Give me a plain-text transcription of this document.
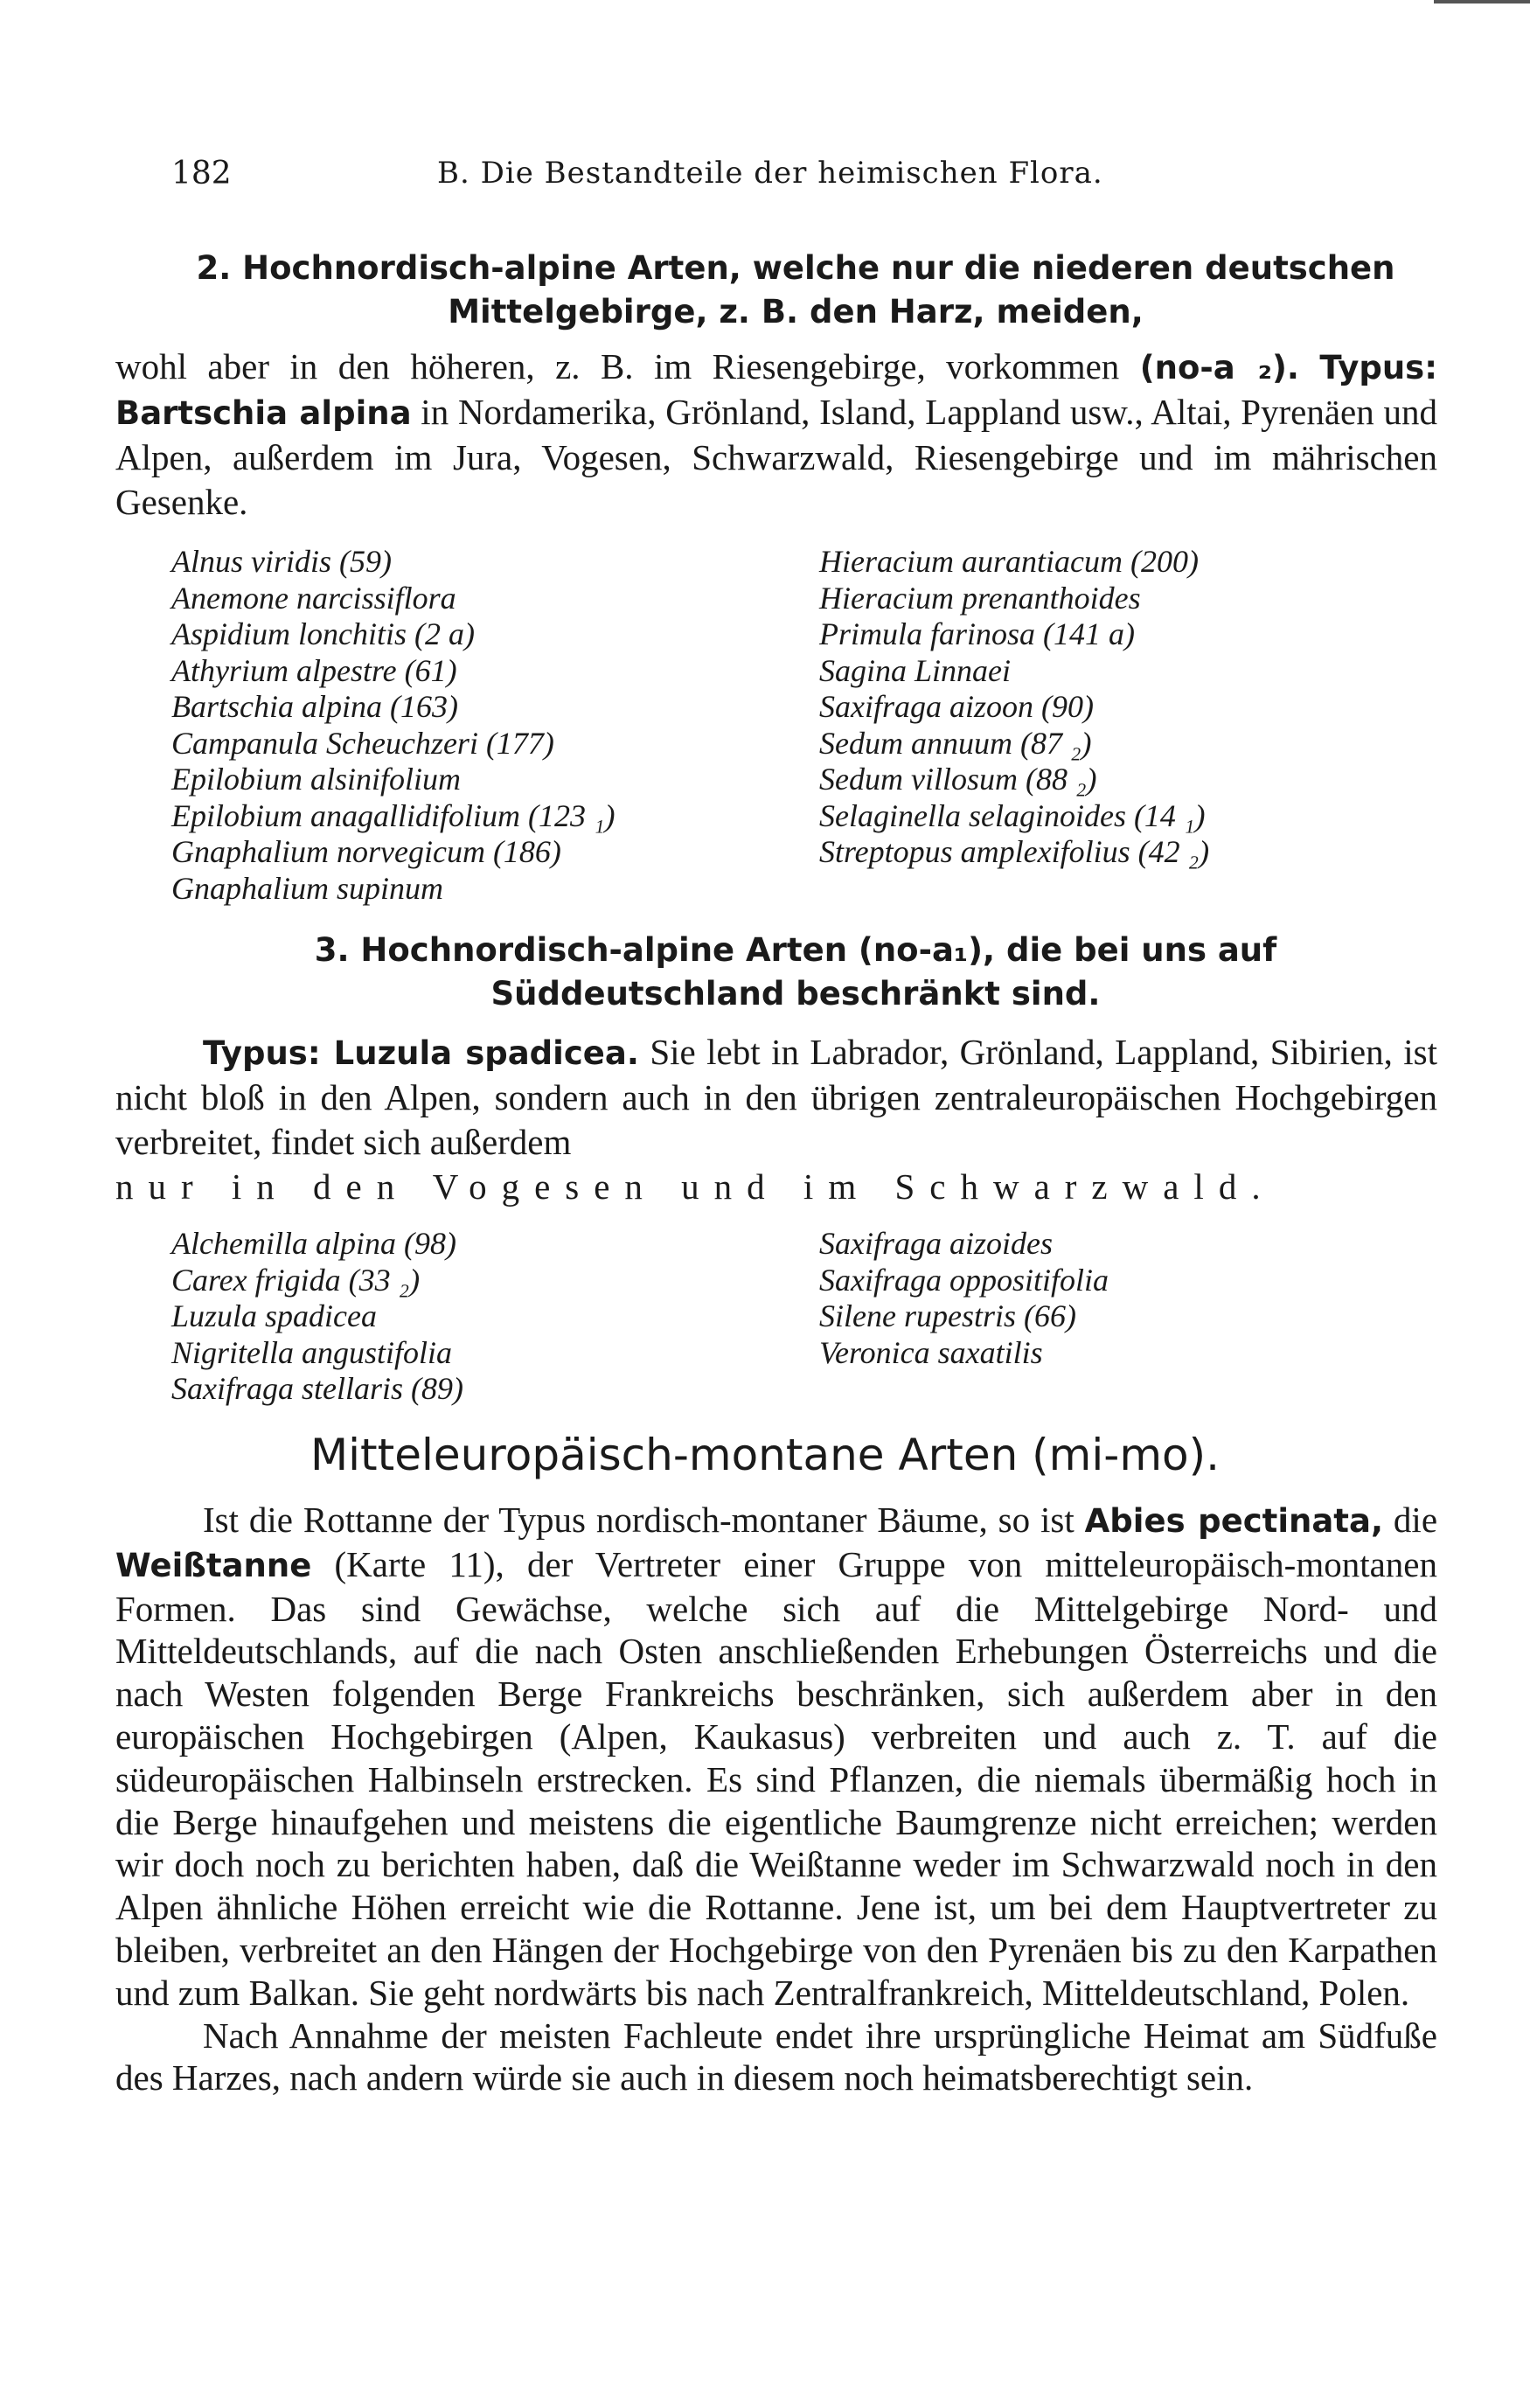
182	B. Die Bestandteile der heimischen Flora.
2. Hochnordisch-alpine Arten, welche nur die niederen deutschen
Mittelgebirge, z. B. den Harz, meiden,

wohl aber in den höheren, z. B. im Riesengebirge, vorkommen (no-a ₂). Typus: Bartschia alpina in Nordamerika, Grönland, Island, Lappland usw., Altai, Pyrenäen und Alpen, außerdem im Jura, Vogesen, Schwarzwald, Riesengebirge und im mährischen Gesenke.

Alnus viridis (59)
Anemone narcissiflora
Aspidium lonchitis (2 a)
Athyrium alpestre (61)
Bartschia alpina (163)
Campanula Scheuchzeri (177)
Epilobium alsinifolium
Epilobium anagallidifolium (123 ₁)
Gnaphalium norvegicum (186)
Gnaphalium supinum
Hieracium aurantiacum (200)
Hieracium prenanthoides
Primula farinosa (141 a)
Sagina Linnaei
Saxifraga aizoon (90)
Sedum annuum (87 ₂)
Sedum villosum (88 ₂)
Selaginella selaginoides (14 ₁)
Streptopus amplexifolius (42 ₂)
3. Hochnordisch-alpine Arten (no-a₁), die bei uns auf
Süddeutschland beschränkt sind.

Typus: Luzula spadicea. Sie lebt in Labrador, Grönland, Lappland, Sibirien, ist nicht bloß in den Alpen, sondern auch in den übrigen zentraleuropäischen Hochgebirgen verbreitet, findet sich außerdem

nur in den Vogesen und im Schwarzwald.

Alchemilla alpina (98)
Carex frigida (33 ₂)
Luzula spadicea
Nigritella angustifolia
Saxifraga stellaris (89)
Saxifraga aizoides
Saxifraga oppositifolia
Silene rupestris (66)
Veronica saxatilis
Mitteleuropäisch-montane Arten (mi-mo).

Ist die Rottanne der Typus nordisch-montaner Bäume, so ist Abies pectinata, die Weißtanne (Karte 11), der Vertreter einer Gruppe von mitteleuropäisch-montanen Formen. Das sind Gewächse, welche sich auf die Mittelgebirge Nord- und Mitteldeutschlands, auf die nach Osten anschließenden Erhebungen Österreichs und die nach Westen folgenden Berge Frankreichs beschränken, sich außerdem aber in den europäischen Hochgebirgen (Alpen, Kaukasus) verbreiten und auch z. T. auf die südeuropäischen Halbinseln erstrecken. Es sind Pflanzen, die niemals übermäßig hoch in die Berge hinaufgehen und meistens die eigentliche Baumgrenze nicht erreichen; werden wir doch noch zu berichten haben, daß die Weißtanne weder im Schwarzwald noch in den Alpen ähnliche Höhen erreicht wie die Rottanne. Jene ist, um bei dem Hauptvertreter zu bleiben, verbreitet an den Hängen der Hochgebirge von den Pyrenäen bis zu den Karpathen und zum Balkan. Sie geht nordwärts bis nach Zentralfrankreich, Mitteldeutschland, Polen.

Nach Annahme der meisten Fachleute endet ihre ursprüngliche Heimat am Südfuße des Harzes, nach andern würde sie auch in diesem noch heimatsberechtigt sein.
